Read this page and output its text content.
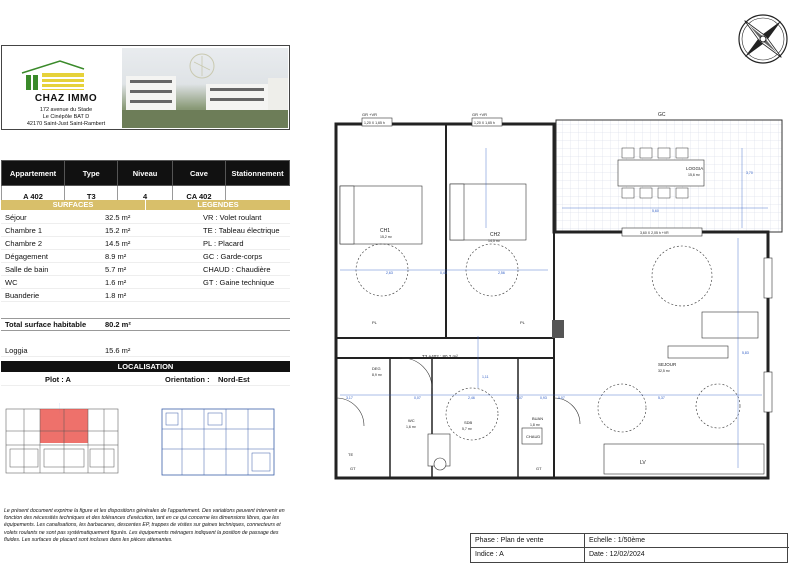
CHAZ IMMO
172 avenue du Stade
Le Cinépôle BAT D
42170 Saint-Just Saint-Rambert
Appartement	Type	Niveau	Cave	Stationnement
A 402	T3	4	CA 402	
SURFACES	LEGENDES
Séjour	32.5 m²	VR : Volet roulant
Chambre 1	15.2 m²	TE : Tableau électrique
Chambre 2	14.5 m²	PL : Placard
Dégagement	8.9 m²	GC : Garde-corps
Salle de bain	5.7 m²	CHAUD : Chaudière
WC	1.6 m²	GT : Gaine technique
Buanderie	1.8 m²
Total surface habitable	80.2 m²
Loggia	15.6 m²
LOCALISATION
Plot : A	Orientation : Nord-Est
Le présent document exprime la figure et les dispositions générales de l'appartement. Des variations peuvent intervenir en fonction des nécessités techniques et des tolérances d'exécution, tant en ce qui concerne les dimensions libres, que les équipements. Les canalisations, les barbacanes, descentes EP, trappes de visites sur gaines techniques, connecteurs et volets roulants ne sont pas systématiquement figurés. Les équipements ménagers indiquent la position de passage des fluides. Les surfaces de placard sont incluses dans les pièces attenantes.
GR +VR	GR +VR	GC
1,20 X 1,65 h	1,20 X 1,65 h
3,60 X 2,05 h +VR
CH1
15,2 m²	CH2
14,5 m²
LOGGIA
15,6 m²
SEJOUR
32,5 m²
T3 A402 : 80.2 m²
DEG
8,9 m²
WC
1,6 m²
SDB
5,7 m²
BUAN
1,8 m²
CHAUD
PL	PL
TE
GT	GT
LV
2,63	0,43	2,56
3,17	0,07	2,46	0,07	0,93	0,07	5,37
5,60
3,70
5,83
1,11
Phase : Plan de vente	Echelle : 1/50ème
Indice : A	Date : 12/02/2024
